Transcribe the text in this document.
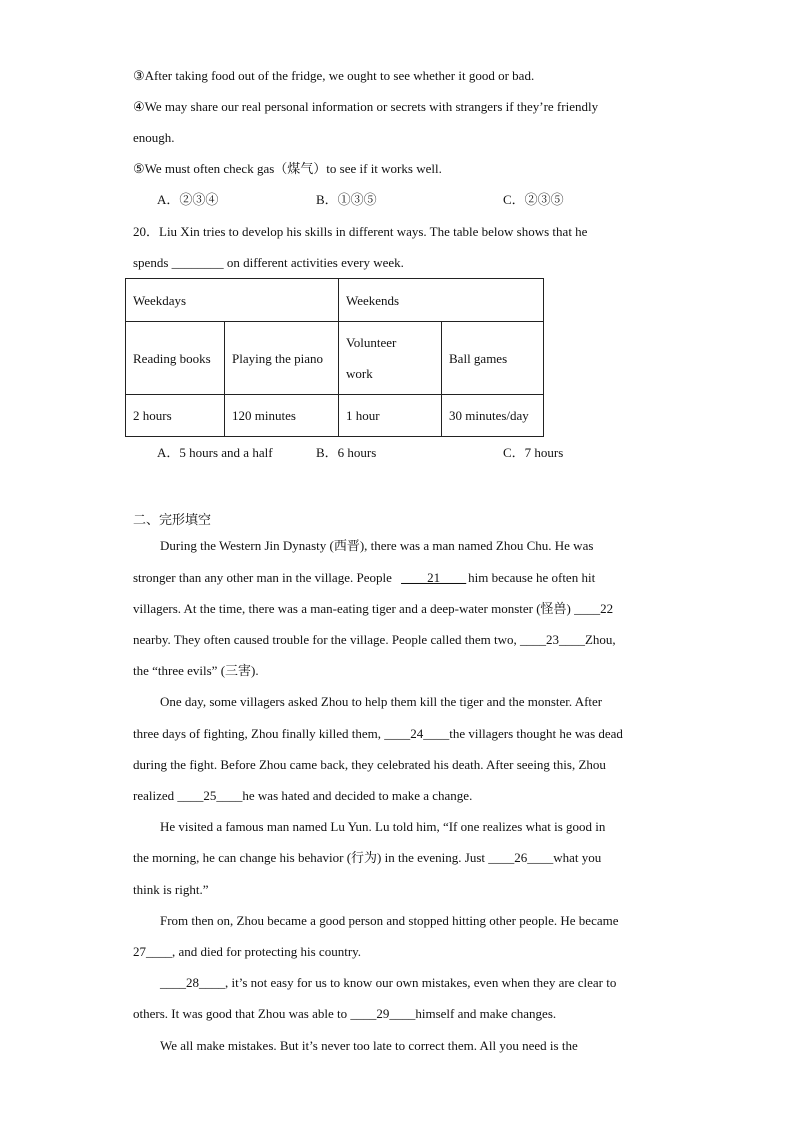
③After taking food out of the fridge, we ought to see whether it good or bad.
④We may share our real personal information or secrets with strangers if they’re friendly
enough.
⑤We must often check gas（煤气）to see if it works well.
A．②③④	B．①③⑤	C．②③⑤
20．Liu Xin tries to develop his skills in different ways. The table below shows that he
spends ________ on different activities every week.
Weekdays		Weekends	
Reading books	Playing the piano	Volunteer work	Ball games
2 hours	120 minutes	1 hour	30 minutes/day
A．5 hours and a half	B．6 hours	C．7 hours
二、完形填空
During the Western Jin Dynasty (西晋), there was a man named Zhou Chu. He was
stronger than any other man in the village. People ____21____ him because he often hit
villagers. At the time, there was a man-eating tiger and a deep-water monster (怪兽) ____22
nearby. They often caused trouble for the village. People called them two, ____23____Zhou,
the “three evils” (三害).
One day, some villagers asked Zhou to help them kill the tiger and the monster. After
three days of fighting, Zhou finally killed them, ____24____the villagers thought he was dead
during the fight. Before Zhou came back, they celebrated his death. After seeing this, Zhou
realized ____25____he was hated and decided to make a change.
He visited a famous man named Lu Yun. Lu told him, “If one realizes what is good in
the morning, he can change his behavior (行为) in the evening. Just ____26____what you
think is right.”
From then on, Zhou became a good person and stopped hitting other people. He became
27____, and died for protecting his country.
____28____, it’s not easy for us to know our own mistakes, even when they are clear to
others. It was good that Zhou was able to ____29____himself and make changes.
We all make mistakes. But it’s never too late to correct them. All you need is the
